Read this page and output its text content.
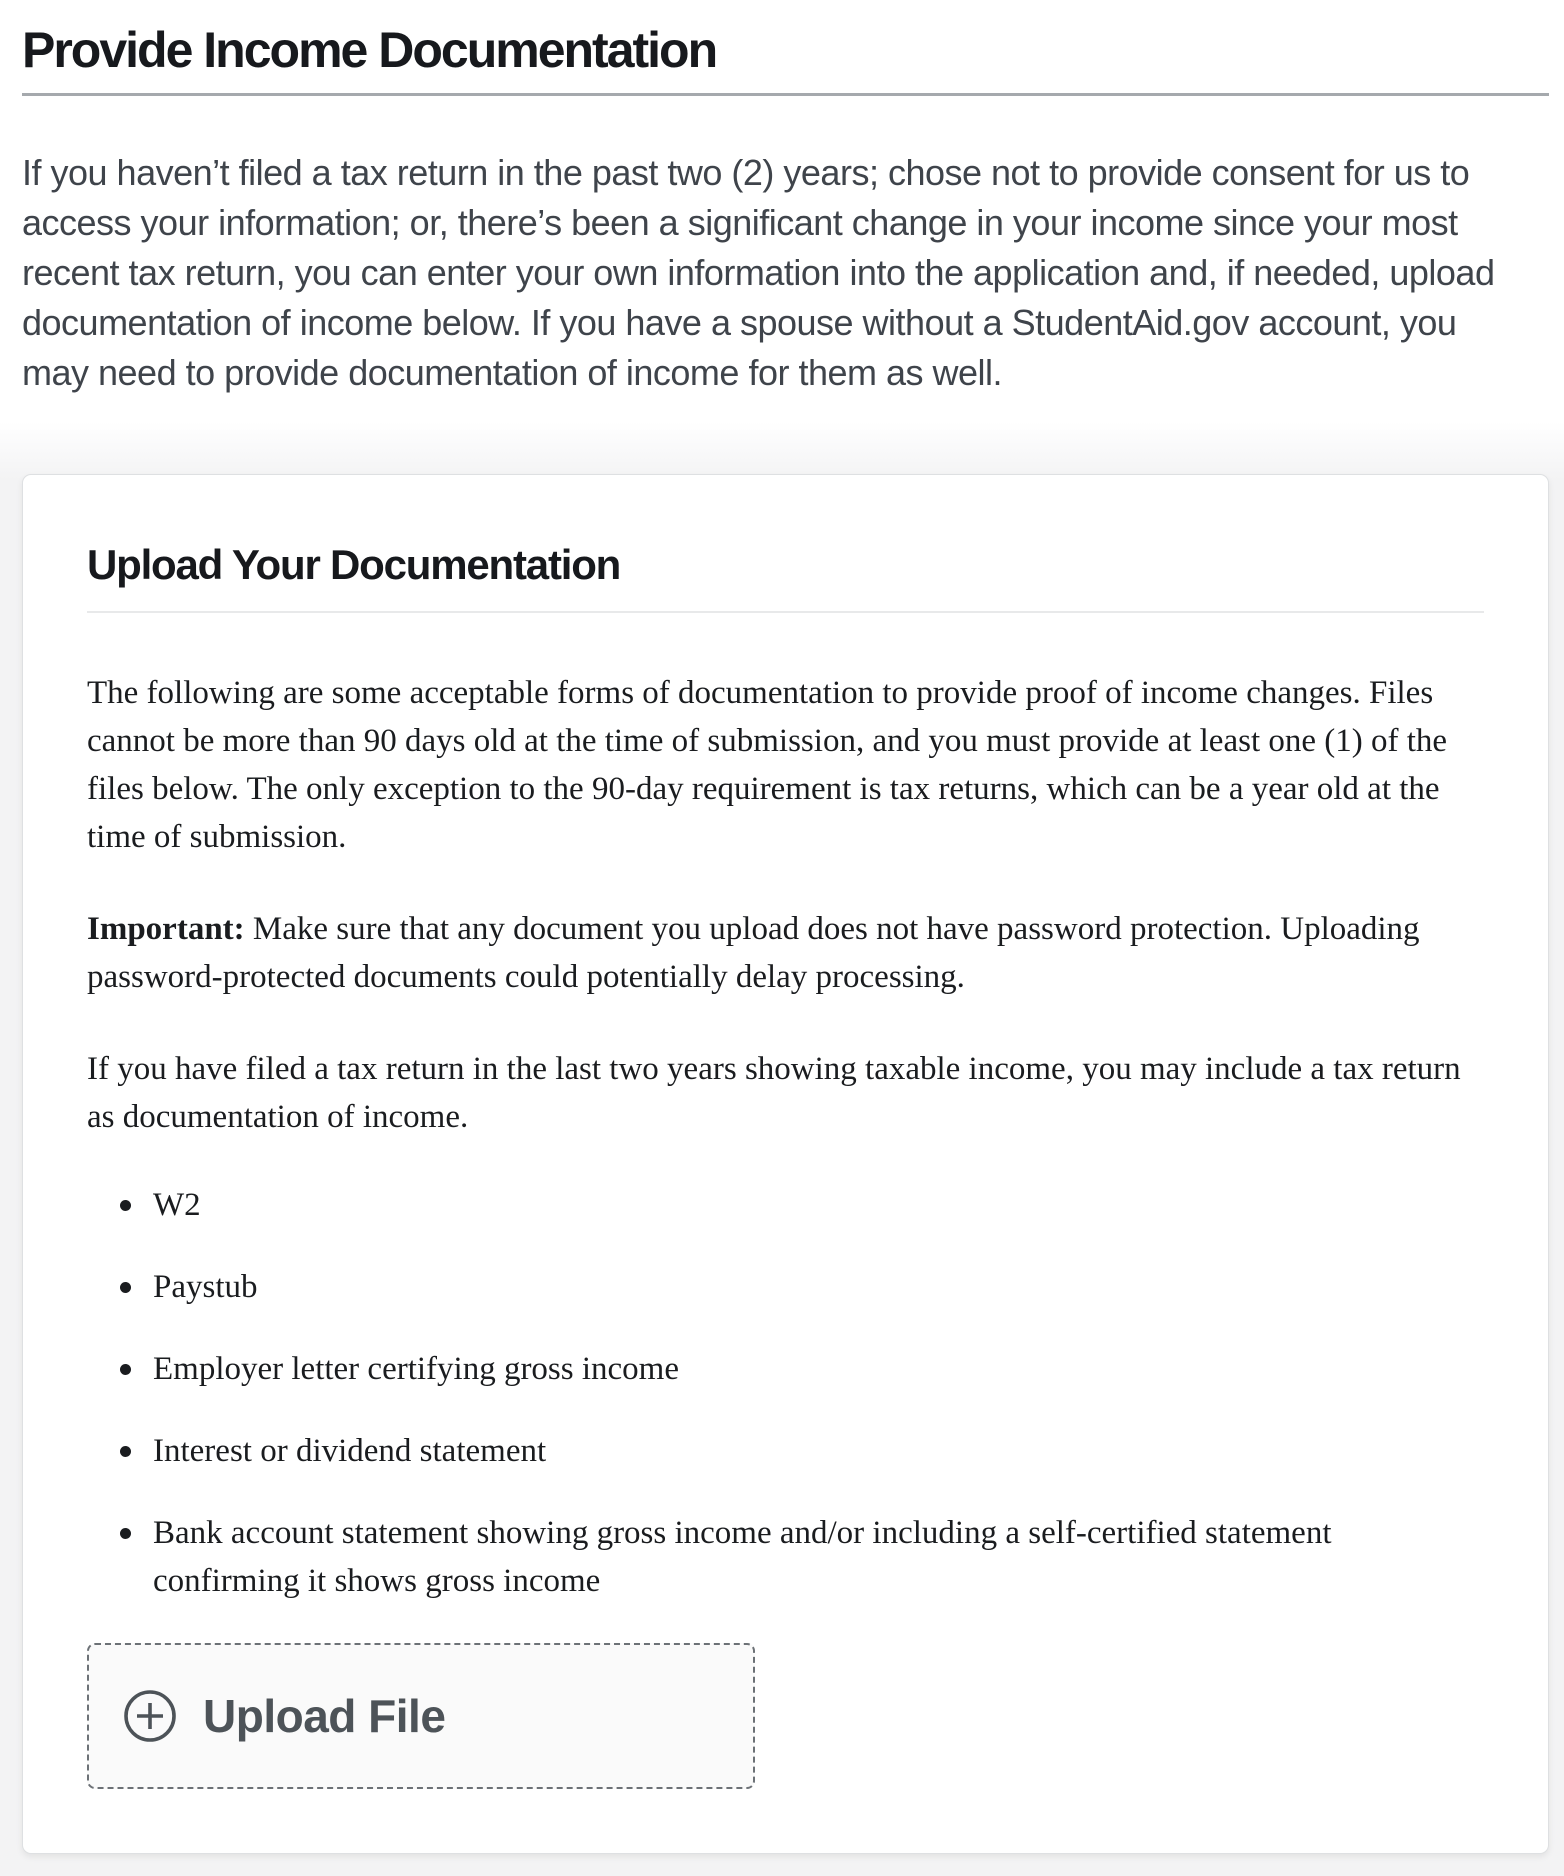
Provide Income Documentation

If you haven’t filed a tax return in the past two (2) years; chose not to provide consent for us to access your information; or, there’s been a significant change in your income since your most recent tax return, you can enter your own information into the application and, if needed, upload documentation of income below. If you have a spouse without a StudentAid.gov account, you may need to provide documentation of income for them as well.

Upload Your Documentation

The following are some acceptable forms of documentation to provide proof of income changes. Files cannot be more than 90 days old at the time of submission, and you must provide at least one (1) of the files below. The only exception to the 90-day requirement is tax returns, which can be a year old at the time of submission.

Important: Make sure that any document you upload does not have password protection. Uploading password-protected documents could potentially delay processing.

If you have filed a tax return in the last two years showing taxable income, you may include a tax return as documentation of income.

W2
Paystub
Employer letter certifying gross income
Interest or dividend statement
Bank account statement showing gross income and/or including a self-certified statement confirming it shows gross income
Upload File
